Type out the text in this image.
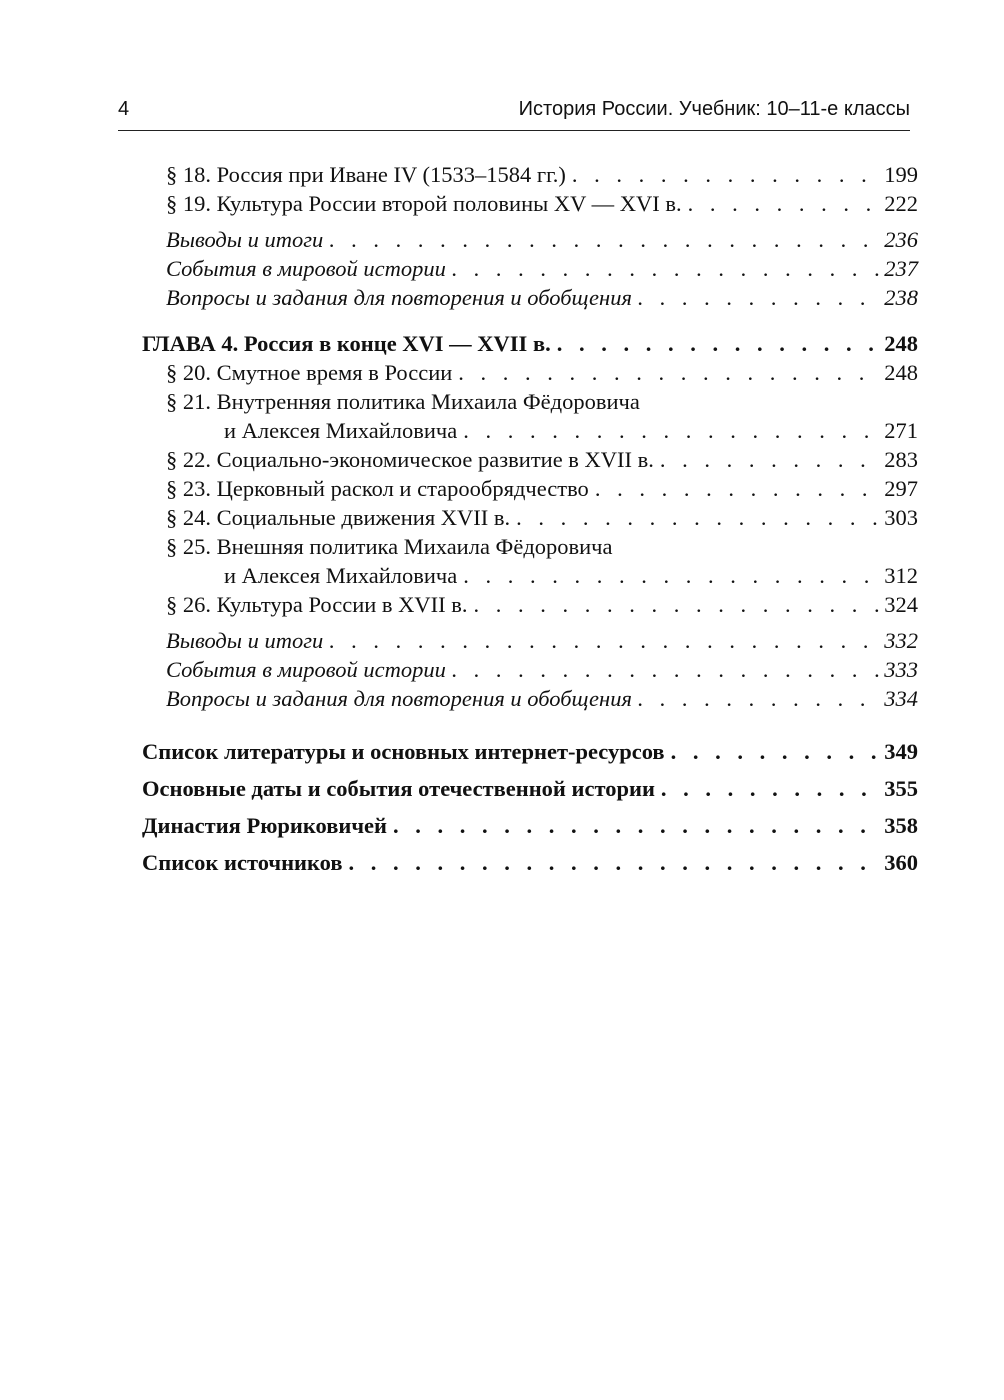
4	История России. Учебник: 10–11-е классы
§ 18. Россия при Иване IV (1533–1584 гг.) . . .	199
§ 19. Культура России второй половины XV — XVI в. . . .	222
Выводы и итоги . . .	236
События в мировой истории . . .	237
Вопросы и задания для повторения и обобщения . . .	238
ГЛАВА 4. Россия в конце XVI — XVII в. . . .	248
§ 20. Смутное время в России . . .	248
§ 21. Внутренняя политика Михаила Фёдоровича
и Алексея Михайловича . . .	271
§ 22. Социально-экономическое развитие в XVII в. . . .	283
§ 23. Церковный раскол и старообрядчество . . .	297
§ 24. Социальные движения XVII в. . . .	303
§ 25. Внешняя политика Михаила Фёдоровича
и Алексея Михайловича . . .	312
§ 26. Культура России в XVII в. . . .	324
Выводы и итоги . . .	332
События в мировой истории . . .	333
Вопросы и задания для повторения и обобщения . . .	334
Список литературы и основных интернет-ресурсов . . .	349
Основные даты и события отечественной истории . . .	355
Династия Рюриковичей . . .	358
Список источников . . .	360
